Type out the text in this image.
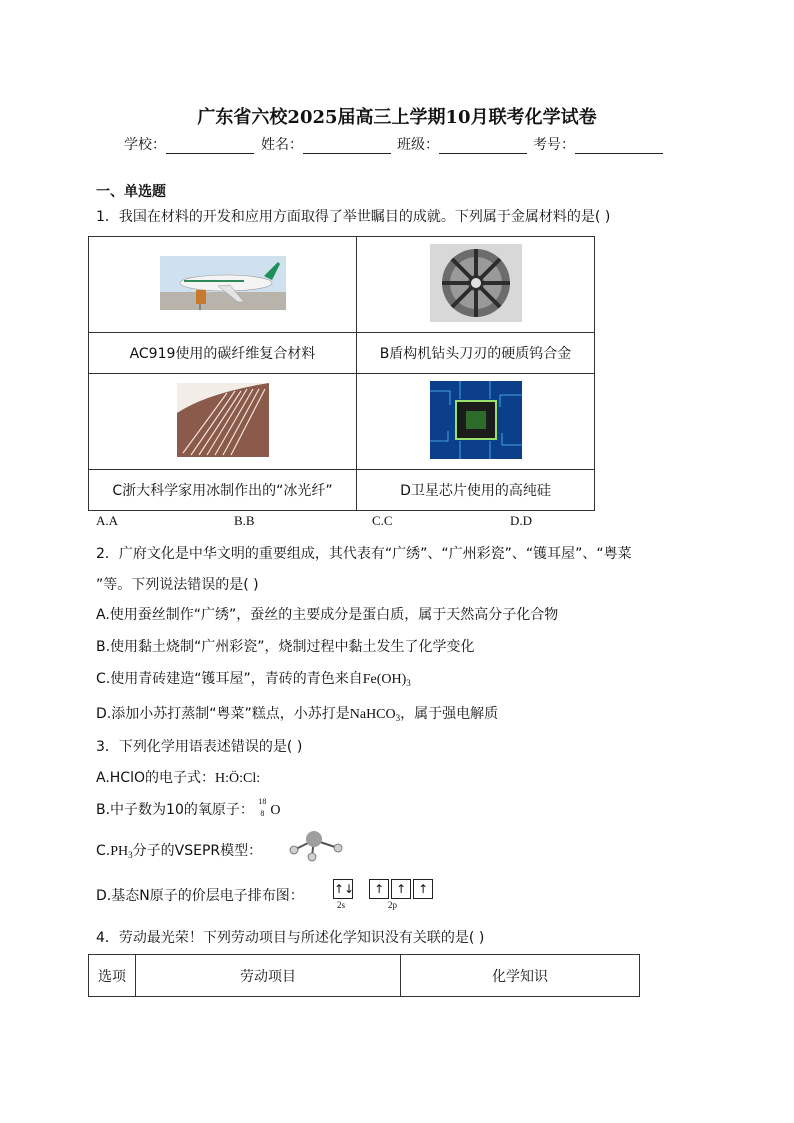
广东省六校2025届高三上学期10月联考化学试卷
学校：	姓名：	班级：	考号：
一、单选题
1．我国在材料的开发和应用方面取得了举世瞩目的成就。下列属于金属材料的是( )

AC919使用的碳纤维复合材料	B盾构机钻头刀刃的硬质钨合金

C浙大科学家用冰制作出的“冰光纤”	D卫星芯片使用的高纯硅
A.A	B.B	C.C	D.D
2．广府文化是中华文明的重要组成，其代表有“广绣”、“广州彩瓷”、“镬耳屋”、“粤菜
”等。下列说法错误的是( )
A.使用蚕丝制作“广绣”，蚕丝的主要成分是蛋白质，属于天然高分子化合物
B.使用黏土烧制“广州彩瓷”，烧制过程中黏土发生了化学变化
C.使用青砖建造“镬耳屋”，青砖的青色来自$Fe(OH)_3$
D.添加小苏打蒸制“粤菜”糕点，小苏打是NaHCO$_3$，属于强电解质
3．下列化学用语表述错误的是( )
A.HClO的电子式：H:Ö:Cl:
B.中子数为10的氧原子：
18
8 O
$C.PH_3$分子的VSEPR模型：
D.基态N原子的价层电子排布图：	↑↓ ↑ ↑ ↑
2s	2p
4．劳动最光荣！下列劳动项目与所述化学知识没有关联的是( )
选项	劳动项目	化学知识
